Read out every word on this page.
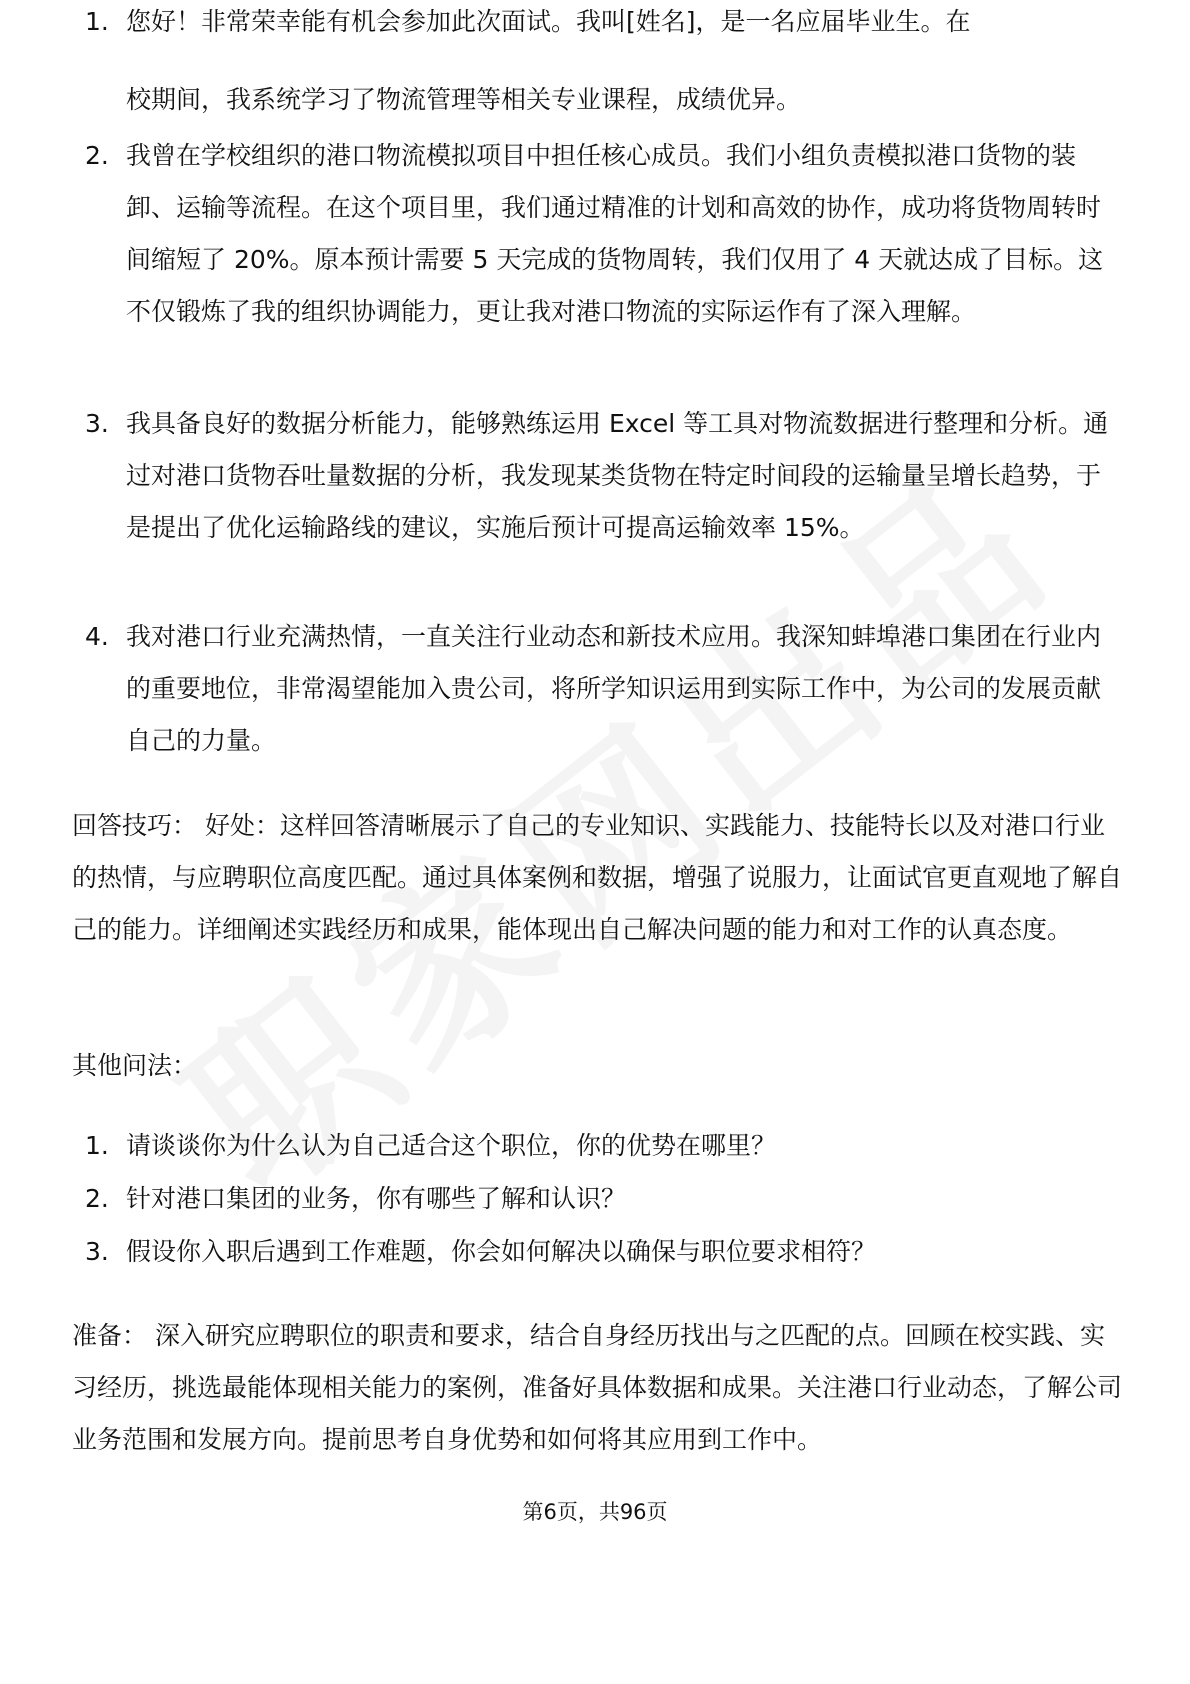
1. 您好！非常荣幸能有机会参加此次面试。我叫[姓名]，是一名应届毕业生。在
校期间，我系统学习了物流管理等相关专业课程，成绩优异。
2. 我曾在学校组织的港口物流模拟项目中担任核心成员。我们小组负责模拟港口货物的装卸、运输等流程。在这个项目里，我们通过精准的计划和高效的协作，成功将货物周转时间缩短了 20%。原本预计需要 5 天完成的货物周转，我们仅用了 4 天就达成了目标。这不仅锻炼了我的组织协调能力，更让我对港口物流的实际运作有了深入理解。
3. 我具备良好的数据分析能力，能够熟练运用 Excel 等工具对物流数据进行整理和分析。通过对港口货物吞吐量数据的分析，我发现某类货物在特定时间段的运输量呈增长趋势，于是提出了优化运输路线的建议，实施后预计可提高运输效率 15%。
4. 我对港口行业充满热情，一直关注行业动态和新技术应用。我深知蚌埠港口集团在行业内的重要地位，非常渴望能加入贵公司，将所学知识运用到实际工作中，为公司的发展贡献自己的力量。

回答技巧： 好处：这样回答清晰展示了自己的专业知识、实践能力、技能特长以及对港口行业的热情，与应聘职位高度匹配。通过具体案例和数据，增强了说服力，让面试官更直观地了解自己的能力。详细阐述实践经历和成果，能体现出自己解决问题的能力和对工作的认真态度。

其他问法：

1. 请谈谈你为什么认为自己适合这个职位，你的优势在哪里？
2. 针对港口集团的业务，你有哪些了解和认识？
3. 假设你入职后遇到工作难题，你会如何解决以确保与职位要求相符？

准备： 深入研究应聘职位的职责和要求，结合自身经历找出与之匹配的点。回顾在校实践、实习经历，挑选最能体现相关能力的案例，准备好具体数据和成果。关注港口行业动态，了解公司业务范围和发展方向。提前思考自身优势和如何将其应用到工作中。

第6页，共96页
